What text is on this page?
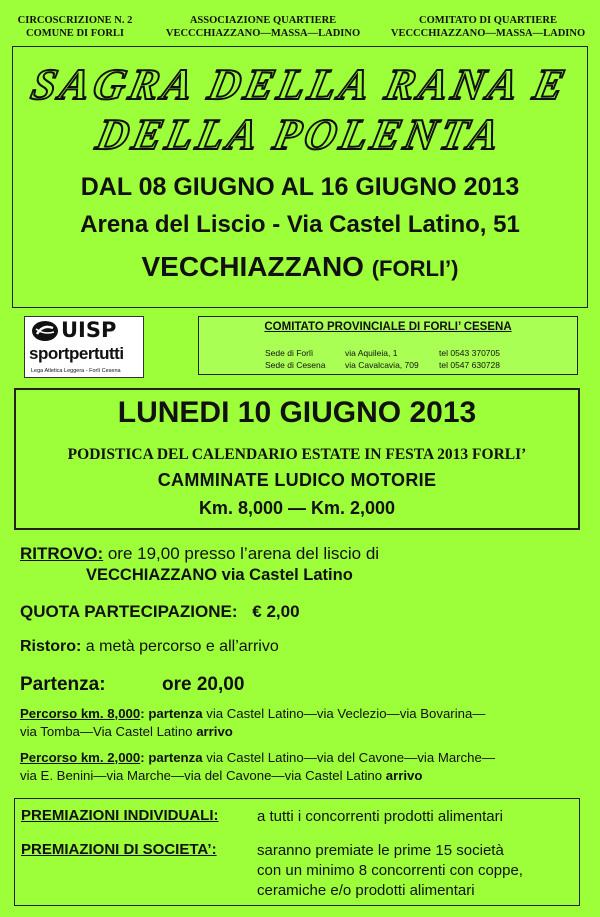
CIRCOSCRIZIONE N. 2
COMUNE DI FORLI
ASSOCIAZIONE QUARTIERE
VECCCHIAZZANO—MASSA—LADINO
COMITATO DI QUARTIERE
VECCCHIAZZANO—MASSA—LADINO
SAGRA DELLA RANA E
DELLA POLENTA
DAL 08 GIUGNO AL 16 GIUGNO 2013
Arena del Liscio - Via Castel Latino, 51
VECCHIAZZANO (FORLI’)
UISP
sportpertutti
Lega Atletica Leggera - Forlì Cesena
COMITATO PROVINCIALE DI FORLI’ CESENA
Sede di Forlì	via Aquileia, 1	tel 0543 370705
Sede di Cesena via Cavalcavia, 709 tel 0547 630728
LUNEDI 10 GIUGNO 2013
PODISTICA DEL CALENDARIO ESTATE IN FESTA 2013 FORLI’
CAMMINATE LUDICO MOTORIE
Km. 8,000 — Km. 2,000
RITROVO: ore 19,00 presso l’arena del liscio di
VECCHIAZZANO via Castel Latino
QUOTA PARTECIPAZIONE: € 2,00
Ristoro: a metà percorso e all’arrivo
Partenza:	ore 20,00
Percorso km. 8,000: partenza via Castel Latino—via Veclezio—via Bovarina—
via Tomba—Via Castel Latino arrivo
Percorso km. 2,000: partenza via Castel Latino—via del Cavone—via Marche—
via E. Benini—via Marche—via del Cavone—via Castel Latino arrivo
PREMIAZIONI INDIVIDUALI:	a tutti i concorrenti prodotti alimentari
PREMIAZIONI DI SOCIETA’:	saranno premiate le prime 15 società
con un minimo 8 concorrenti con coppe,
ceramiche e/o prodotti alimentari
